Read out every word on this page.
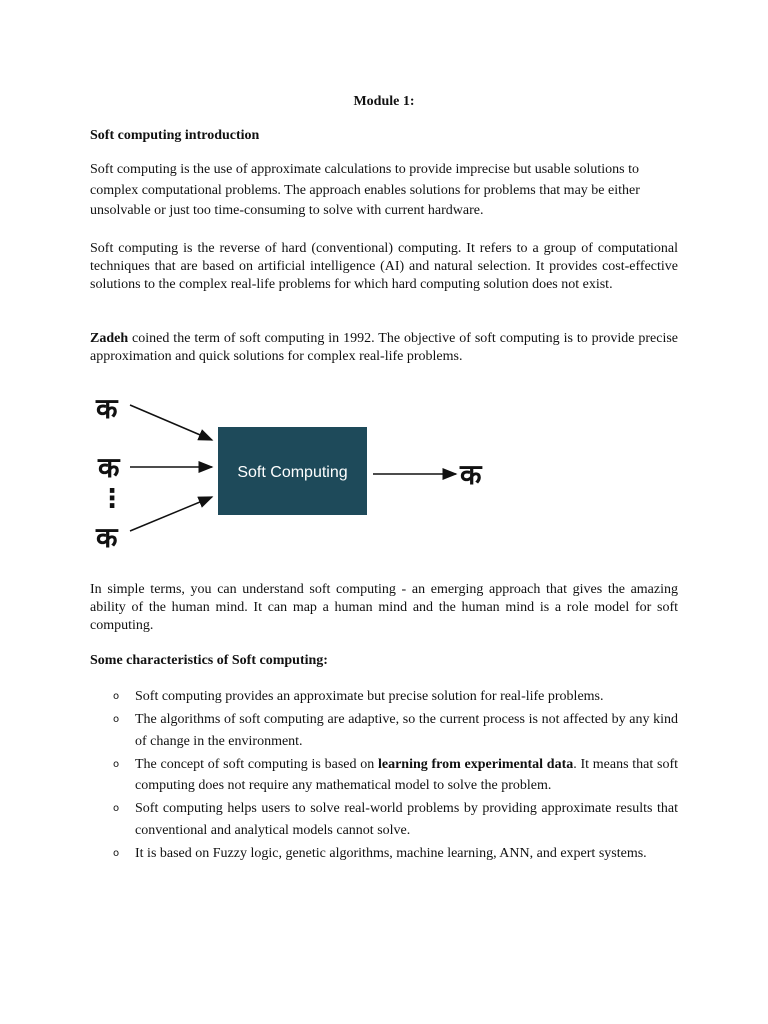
Module 1:
Soft computing introduction

Soft computing is the use of approximate calculations to provide imprecise but usable solutions to complex computational problems. The approach enables solutions for problems that may be either unsolvable or just too time-consuming to solve with current hardware.

Soft computing is the reverse of hard (conventional) computing. It refers to a group of computational techniques that are based on artificial intelligence (AI) and natural selection. It provides cost-effective solutions to the complex real-life problems for which hard computing solution does not exist.

Zadeh coined the term of soft computing in 1992. The objective of soft computing is to provide precise approximation and quick solutions for complex real-life problems.

क
क
⋮
क
Soft Computing	क

In simple terms, you can understand soft computing - an emerging approach that gives the amazing ability of the human mind. It can map a human mind and the human mind is a role model for soft computing.

Some characteristics of Soft computing:
o Soft computing provides an approximate but precise solution for real-life problems.
o The algorithms of soft computing are adaptive, so the current process is not affected by any kind of change in the environment.
o The concept of soft computing is based on learning from experimental data. It means that soft computing does not require any mathematical model to solve the problem.
o Soft computing helps users to solve real-world problems by providing approximate results that conventional and analytical models cannot solve.
o It is based on Fuzzy logic, genetic algorithms, machine learning, ANN, and expert systems.
